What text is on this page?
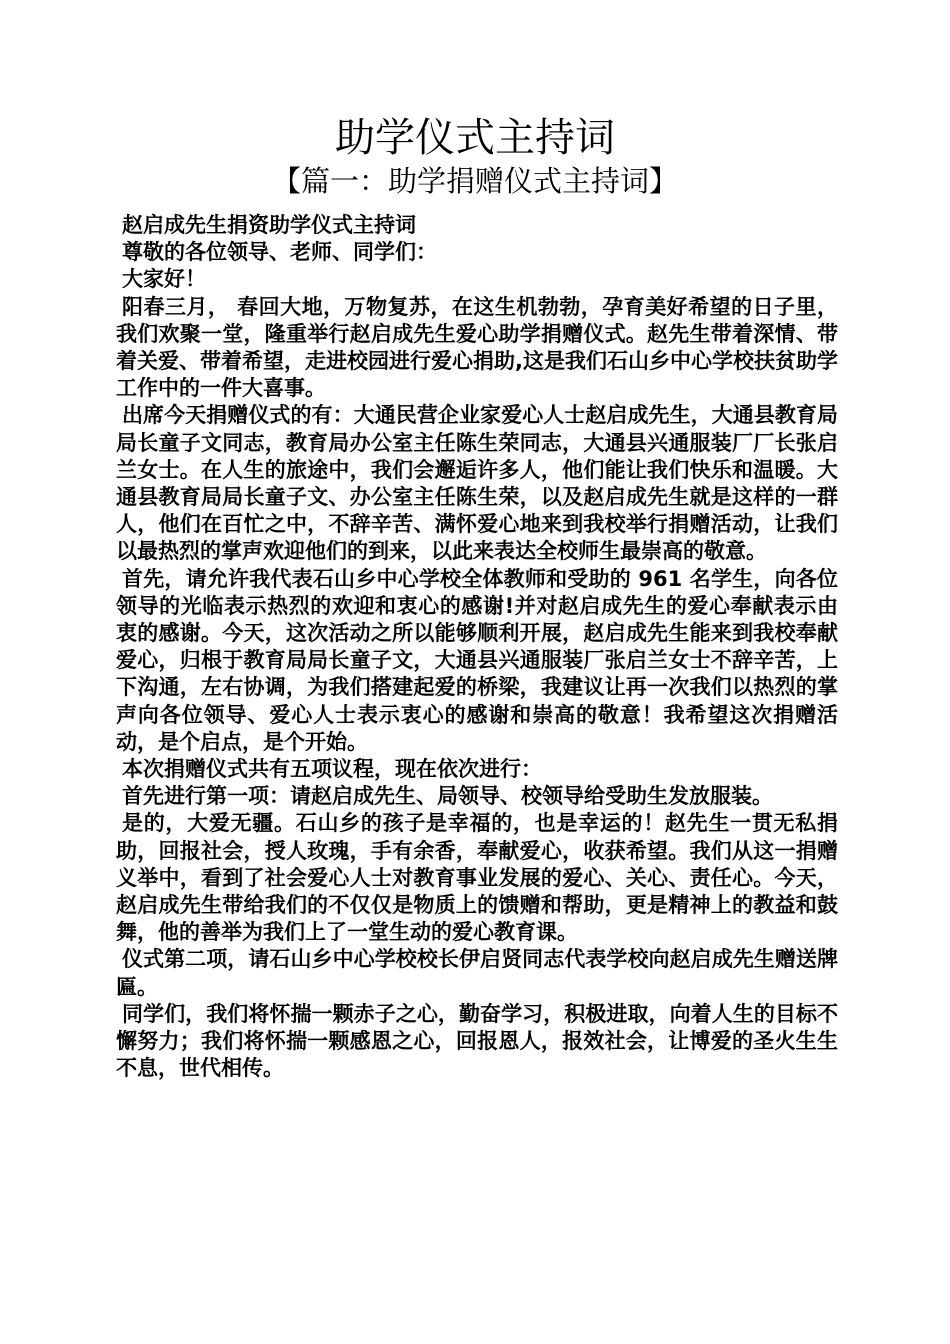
助学仪式主持词
【篇一：助学捐赠仪式主持词】

赵启成先生捐资助学仪式主持词

尊敬的各位领导、老师、同学们：

大家好！

阳春三月， 春回大地，万物复苏，在这生机勃勃，孕育美好希望的日子里，我们欢聚一堂，隆重举行赵启成先生爱心助学捐赠仪式。赵先生带着深情、带着关爱、带着希望，走进校园进行爱心捐助,这是我们石山乡中心学校扶贫助学工作中的一件大喜事。

出席今天捐赠仪式的有：大通民营企业家爱心人士赵启成先生，大通县教育局局长童子文同志，教育局办公室主任陈生荣同志，大通县兴通服装厂厂长张启兰女士。在人生的旅途中，我们会邂逅许多人，他们能让我们快乐和温暖。大通县教育局局长童子文、办公室主任陈生荣，以及赵启成先生就是这样的一群人，他们在百忙之中，不辞辛苦、满怀爱心地来到我校举行捐赠活动，让我们以最热烈的掌声欢迎他们的到来，以此来表达全校师生最崇高的敬意。

首先，请允许我代表石山乡中心学校全体教师和受助的 961 名学生，向各位领导的光临表示热烈的欢迎和衷心的感谢!并对赵启成先生的爱心奉献表示由衷的感谢。今天，这次活动之所以能够顺利开展，赵启成先生能来到我校奉献爱心，归根于教育局局长童子文，大通县兴通服装厂张启兰女士不辞辛苦，上下沟通，左右协调，为我们搭建起爱的桥梁，我建议让再一次我们以热烈的掌声向各位领导、爱心人士表示衷心的感谢和崇高的敬意！我希望这次捐赠活动，是个启点，是个开始。

本次捐赠仪式共有五项议程，现在依次进行：

首先进行第一项：请赵启成先生、局领导、校领导给受助生发放服装。

是的，大爱无疆。石山乡的孩子是幸福的，也是幸运的！赵先生一贯无私捐助，回报社会，授人玫瑰，手有余香，奉献爱心，收获希望。我们从这一捐赠义举中，看到了社会爱心人士对教育事业发展的爱心、关心、责任心。今天，赵启成先生带给我们的不仅仅是物质上的馈赠和帮助，更是精神上的教益和鼓舞，他的善举为我们上了一堂生动的爱心教育课。

仪式第二项，请石山乡中心学校校长伊启贤同志代表学校向赵启成先生赠送牌匾。

同学们，我们将怀揣一颗赤子之心，勤奋学习，积极进取，向着人生的目标不懈努力；我们将怀揣一颗感恩之心，回报恩人，报效社会，让博爱的圣火生生不息，世代相传。
